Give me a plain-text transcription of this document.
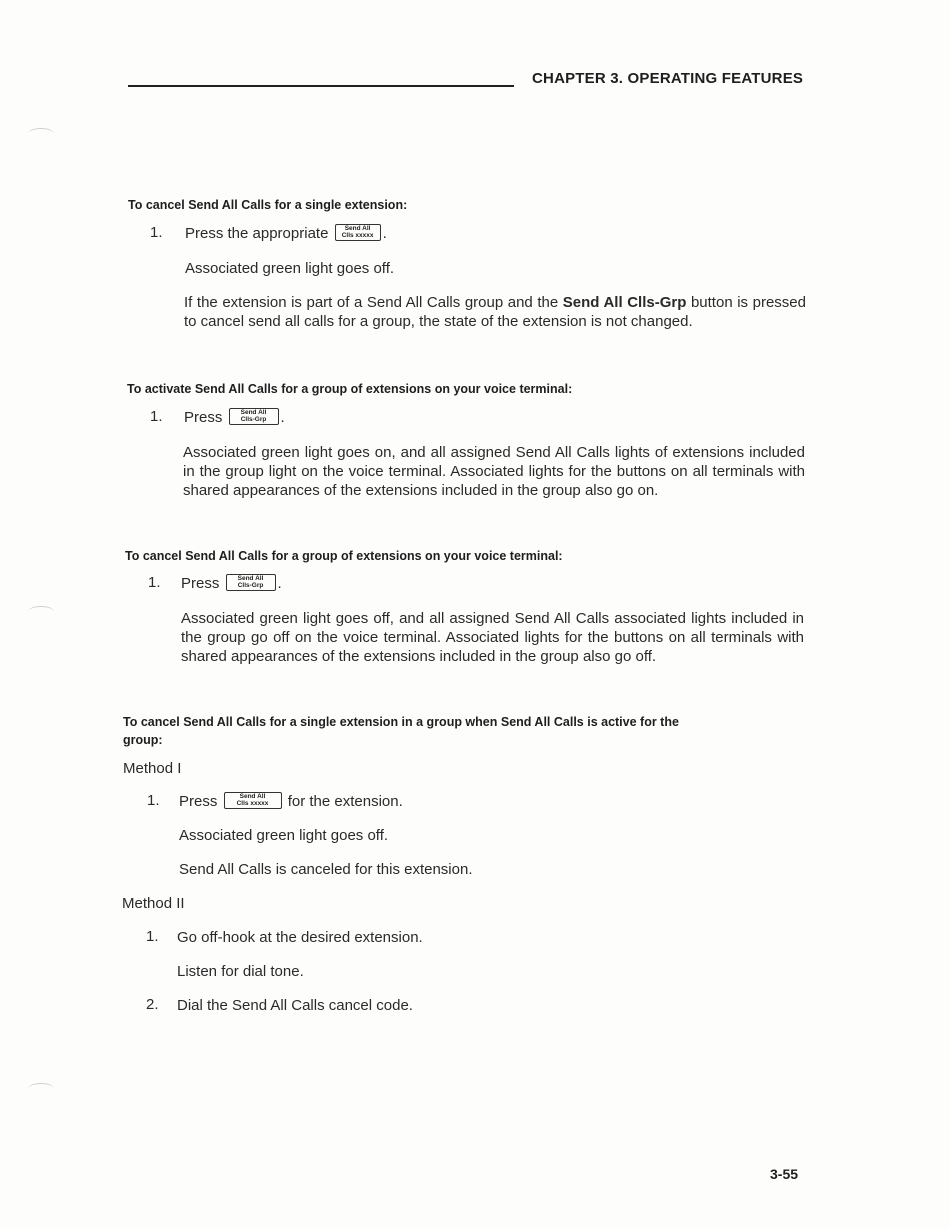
CHAPTER 3. OPERATING FEATURES
To cancel Send All Calls for a single extension:
1. Press the appropriate	Send All
Clls xxxxx .
Associated green light goes off.
If the extension is part of a Send All Calls group and the Send All Clls-Grp button is pressed to cancel send all calls for a group, the state of the extension is not changed.
To activate Send All Calls for a group of extensions on your voice terminal:
1. Press	Send All
Clls-Grp .
Associated green light goes on, and all assigned Send All Calls lights of extensions included in the group light on the voice terminal. Associated lights for the buttons on all terminals with shared appearances of the extensions included in the group also go on.
To cancel Send All Calls for a group of extensions on your voice terminal:
1. Press	Send All
Clls-Grp .
Associated green light goes off, and all assigned Send All Calls associated lights included in the group go off on the voice terminal. Associated lights for the buttons on all terminals with shared appearances of the extensions included in the group also go off.
To cancel Send All Calls for a single extension in a group when Send All Calls is active for the
group:
Method I
1. Press	Send All
Clls xxxxx	for the extension.
Associated green light goes off.
Send All Calls is canceled for this extension.
Method II
1. Go off-hook at the desired extension.
Listen for dial tone.
2. Dial the Send All Calls cancel code.
3-55
